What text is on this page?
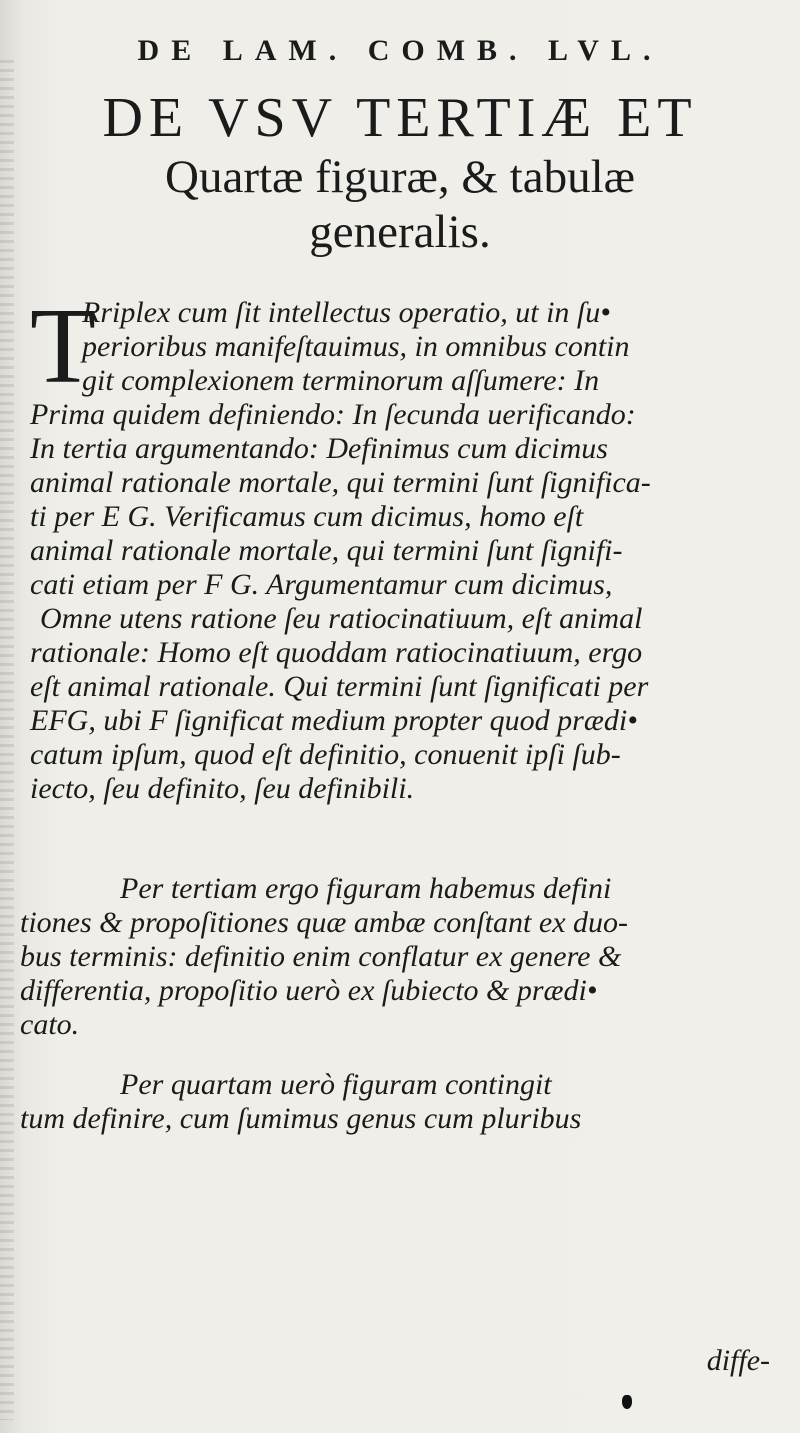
DE LAM. COMB. LVL.
DE VSV TERTIÆ ET
Quartæ figuræ, & tabulæ
generalis.
T
Rriplex cum ſit intellectus operatio, ut in ſu•
perioribus manifeſtauimus, in omnibus contin
git complexionem terminorum aſſumere: In
Prima quidem definiendo: In ſecunda uerificando:
In tertia argumentando: Definimus cum dicimus
animal rationale mortale, qui termini ſunt ſignifica-
ti per E G. Verificamus cum dicimus, homo eſt
animal rationale mortale, qui termini ſunt ſignifi-
cati etiam per F G. Argumentamur cum dicimus,
Omne utens ratione ſeu ratiocinatiuum, eſt animal
rationale: Homo eſt quoddam ratiocinatiuum, ergo
eſt animal rationale. Qui termini ſunt ſignificati per
EFG, ubi F ſignificat medium propter quod prædi•
catum ipſum, quod eſt definitio, conuenit ipſi ſub-
iecto, ſeu definito, ſeu definibili.
Per tertiam ergo figuram habemus defini
tiones & propoſitiones quæ ambæ conſtant ex duo-
bus terminis: definitio enim conflatur ex genere &
differentia, propoſitio uerò ex ſubiecto & prædi•
cato.
Per quartam uerò figuram contingit
tum definire, cum ſumimus genus cum pluribus
diffe-
